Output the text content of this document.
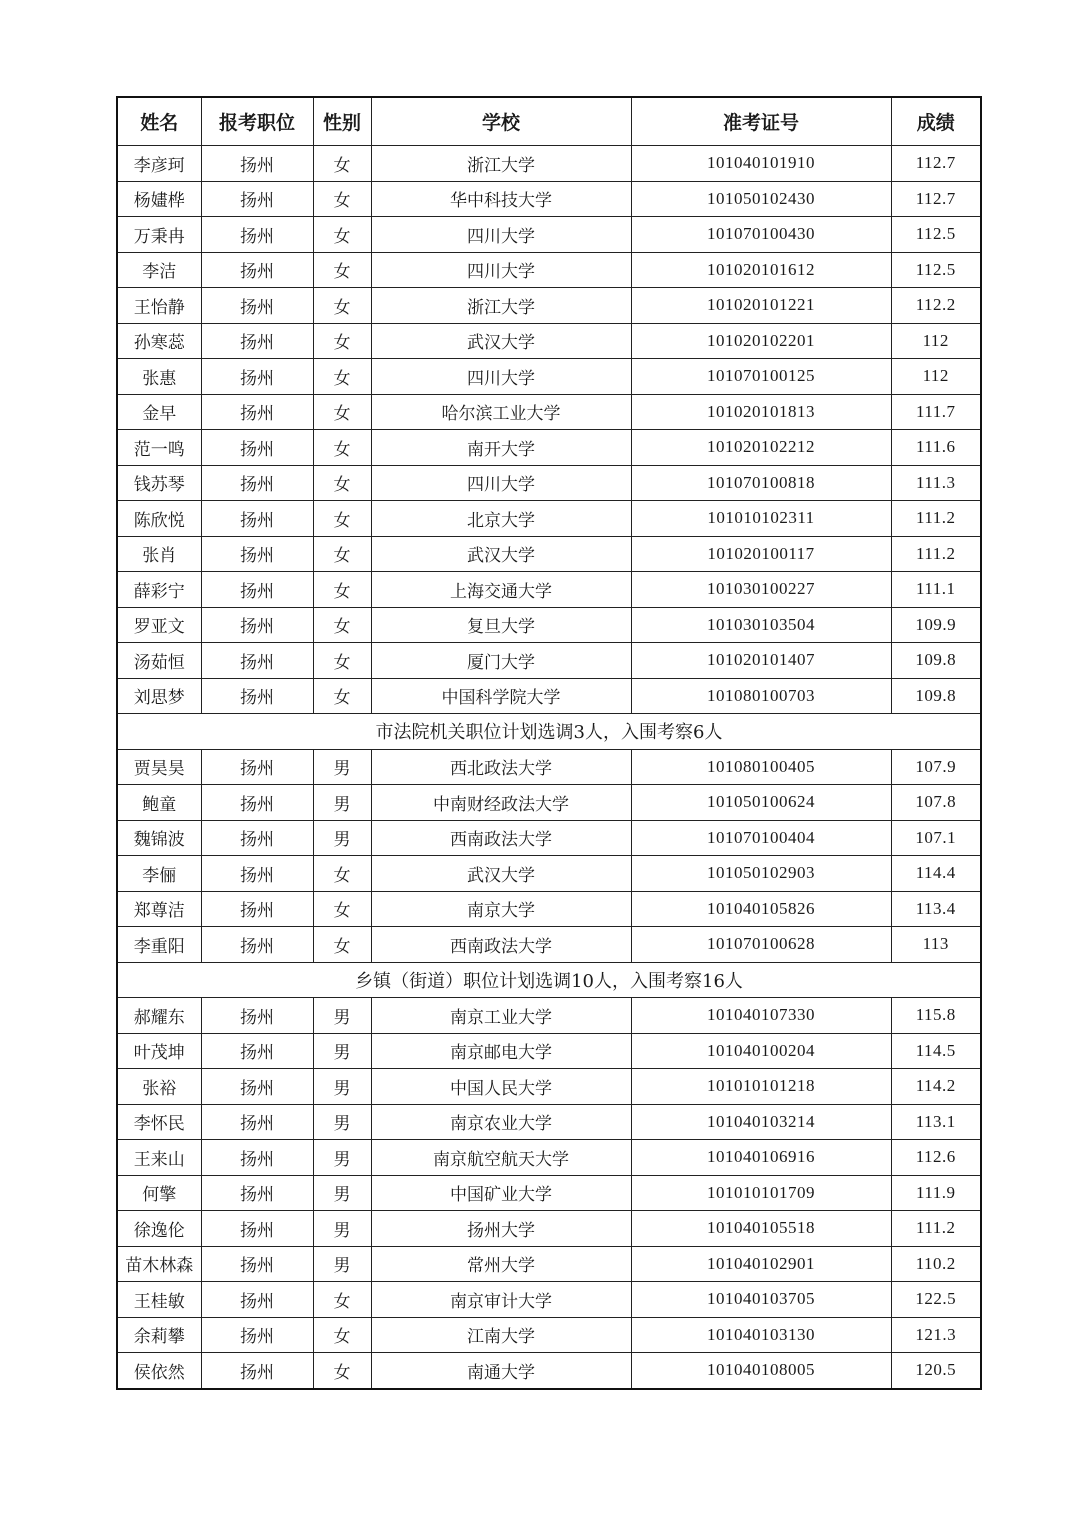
姓名	报考职位	性别	学校	准考证号	成绩
李彦珂	扬州	女	浙江大学	101040101910	112.7
杨嫿桦	扬州	女	华中科技大学	101050102430	112.7
万秉冉	扬州	女	四川大学	101070100430	112.5
李洁	扬州	女	四川大学	101020101612	112.5
王怡静	扬州	女	浙江大学	101020101221	112.2
孙寒蕊	扬州	女	武汉大学	101020102201	112
张惠	扬州	女	四川大学	101070100125	112
金早	扬州	女	哈尔滨工业大学	101020101813	111.7
范一鸣	扬州	女	南开大学	101020102212	111.6
钱苏琴	扬州	女	四川大学	101070100818	111.3
陈欣悦	扬州	女	北京大学	101010102311	111.2
张肖	扬州	女	武汉大学	101020100117	111.2
薛彩宁	扬州	女	上海交通大学	101030100227	111.1
罗亚文	扬州	女	复旦大学	101030103504	109.9
汤茹恒	扬州	女	厦门大学	101020101407	109.8
刘思梦	扬州	女	中国科学院大学	101080100703	109.8
市法院机关职位计划选调3人，入围考察6人					
贾昊昊	扬州	男	西北政法大学	101080100405	107.9
鲍童	扬州	男	中南财经政法大学	101050100624	107.8
魏锦波	扬州	男	西南政法大学	101070100404	107.1
李俪	扬州	女	武汉大学	101050102903	114.4
郑尊洁	扬州	女	南京大学	101040105826	113.4
李重阳	扬州	女	西南政法大学	101070100628	113
乡镇（街道）职位计划选调10人，入围考察16人					
郝耀东	扬州	男	南京工业大学	101040107330	115.8
叶茂坤	扬州	男	南京邮电大学	101040100204	114.5
张裕	扬州	男	中国人民大学	101010101218	114.2
李怀民	扬州	男	南京农业大学	101040103214	113.1
王来山	扬州	男	南京航空航天大学	101040106916	112.6
何擎	扬州	男	中国矿业大学	101010101709	111.9
徐逸伦	扬州	男	扬州大学	101040105518	111.2
苗木林森	扬州	男	常州大学	101040102901	110.2
王桂敏	扬州	女	南京审计大学	101040103705	122.5
余莉攀	扬州	女	江南大学	101040103130	121.3
侯依然	扬州	女	南通大学	101040108005	120.5
